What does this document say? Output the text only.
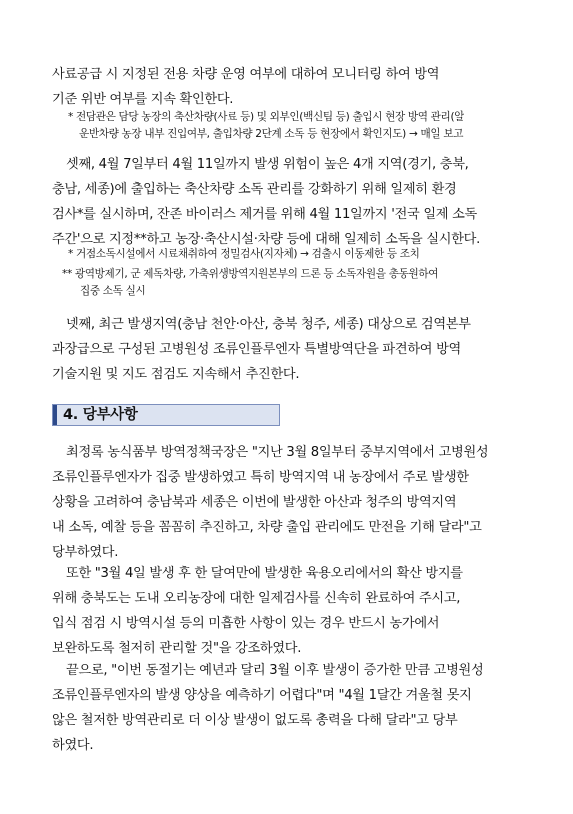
사료공급 시 지정된 전용 차량 운영 여부에 대하여 모니터링 하여 방역
기준 위반 여부를 지속 확인한다.
* 전담관은 담당 농장의 축산차량(사료 등) 및 외부인(백신팀 등) 출입시 현장 방역 관리(알
운반차량 농장 내부 진입여부, 출입차량 2단계 소독 등 현장에서 확인지도) → 매일 보고
셋째, 4월 7일부터 4월 11일까지 발생 위험이 높은 4개 지역(경기, 충북,
충남, 세종)에 출입하는 축산차량 소독 관리를 강화하기 위해 일제히 환경
검사*를 실시하며, 잔존 바이러스 제거를 위해 4월 11일까지 '전국 일제 소독
주간'으로 지정**하고 농장·축산시설·차량 등에 대해 일제히 소독을 실시한다.
* 거점소독시설에서 시료채취하여 정밀검사(지자체) → 검출시 이동제한 등 조치
** 광역방제기, 군 제독차량, 가축위생방역지원본부의 드론 등 소독자원을 총동원하여
집중 소독 실시
넷째, 최근 발생지역(충남 천안·아산, 충북 청주, 세종) 대상으로 검역본부
과장급으로 구성된 고병원성 조류인플루엔자 특별방역단을 파견하여 방역
기술지원 및 지도 점검도 지속해서 추진한다.
4. 당부사항
최정록 농식품부 방역정책국장은 "지난 3월 8일부터 중부지역에서 고병원성
조류인플루엔자가 집중 발생하였고 특히 방역지역 내 농장에서 주로 발생한
상황을 고려하여 충남북과 세종은 이번에 발생한 아산과 청주의 방역지역
내 소독, 예찰 등을 꼼꼼히 추진하고, 차량 출입 관리에도 만전을 기해 달라"고
당부하였다.
또한 "3월 4일 발생 후 한 달여만에 발생한 육용오리에서의 확산 방지를
위해 충북도는 도내 오리농장에 대한 일제검사를 신속히 완료하여 주시고,
입식 점검 시 방역시설 등의 미흡한 사항이 있는 경우 반드시 농가에서
보완하도록 철저히 관리할 것"을 강조하였다.
끝으로, "이번 동절기는 예년과 달리 3월 이후 발생이 증가한 만큼 고병원성
조류인플루엔자의 발생 양상을 예측하기 어렵다"며 "4월 1달간 겨울철 못지
않은 철저한 방역관리로 더 이상 발생이 없도록 총력을 다해 달라"고 당부
하였다.
